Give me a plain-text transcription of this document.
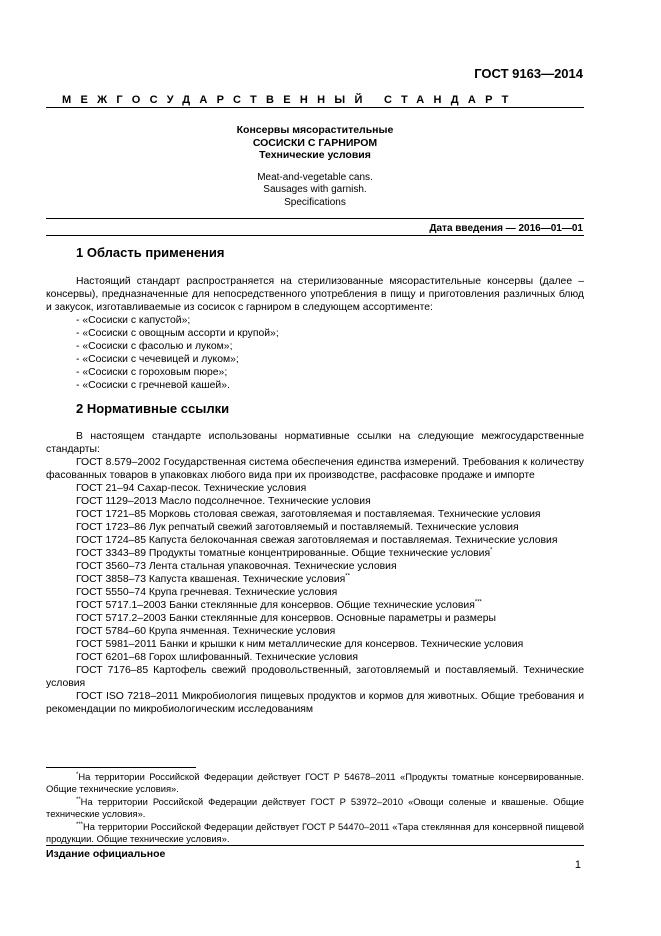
ГОСТ 9163—2014
МЕЖГОСУДАРСТВЕННЫЙ СТАНДАРТ
Консервы мясорастительные
СОСИСКИ С ГАРНИРОМ
Технические условия
Meat-and-vegetable cans.
Sausages with garnish.
Specifications
Дата введения — 2016—01—01
1 Область применения

Настоящий стандарт распространяется на стерилизованные мясорастительные консервы (далее – консервы), предназначенные для непосредственного употребления в пищу и приготовления различных блюд и закусок, изготавливаемые из сосисок с гарниром в следующем ассортименте:

- «Сосиски с капустой»;
- «Сосиски с овощным ассорти и крупой»;
- «Сосиски с фасолью и луком»;
- «Сосиски с чечевицей и луком»;
- «Сосиски с гороховым пюре»;
- «Сосиски с гречневой кашей».
2 Нормативные ссылки

В настоящем стандарте использованы нормативные ссылки на следующие межгосударственные стандарты:

ГОСТ 8.579–2002 Государственная система обеспечения единства измерений. Требования к количеству фасованных товаров в упаковках любого вида при их производстве, расфасовке продаже и импорте
ГОСТ 21–94 Сахар-песок. Технические условия
ГОСТ 1129–2013 Масло подсолнечное. Технические условия
ГОСТ 1721–85 Морковь столовая свежая, заготовляемая и поставляемая. Технические условия
ГОСТ 1723–86 Лук репчатый свежий заготовляемый и поставляемый. Технические условия
ГОСТ 1724–85 Капуста белокочанная свежая заготовляемая и поставляемая. Технические условия
ГОСТ 3343–89 Продукты томатные концентрированные. Общие технические условия*
ГОСТ 3560–73 Лента стальная упаковочная. Технические условия
ГОСТ 3858–73 Капуста квашеная. Технические условия**
ГОСТ 5550–74 Крупа гречневая. Технические условия
ГОСТ 5717.1–2003 Банки стеклянные для консервов. Общие технические условия***
ГОСТ 5717.2–2003 Банки стеклянные для консервов. Основные параметры и размеры
ГОСТ 5784–60 Крупа ячменная. Технические условия
ГОСТ 5981–2011 Банки и крышки к ним металлические для консервов. Технические условия
ГОСТ 6201–68 Горох шлифованный. Технические условия
ГОСТ 7176–85 Картофель свежий продовольственный, заготовляемый и поставляемый. Технические условия
ГОСТ ISO 7218–2011 Микробиология пищевых продуктов и кормов для животных. Общие требования и рекомендации по микробиологическим исследованиям

*На территории Российской Федерации действует ГОСТ Р 54678–2011 «Продукты томатные консервированные. Общие технические условия».

**На территории Российской Федерации действует ГОСТ Р 53972–2010 «Овощи соленые и квашеные. Общие технические условия».

***На территории Российской Федерации действует ГОСТ Р 54470–2011 «Тара стеклянная для консервной пищевой продукции. Общие технические условия».

Издание официальное
1
